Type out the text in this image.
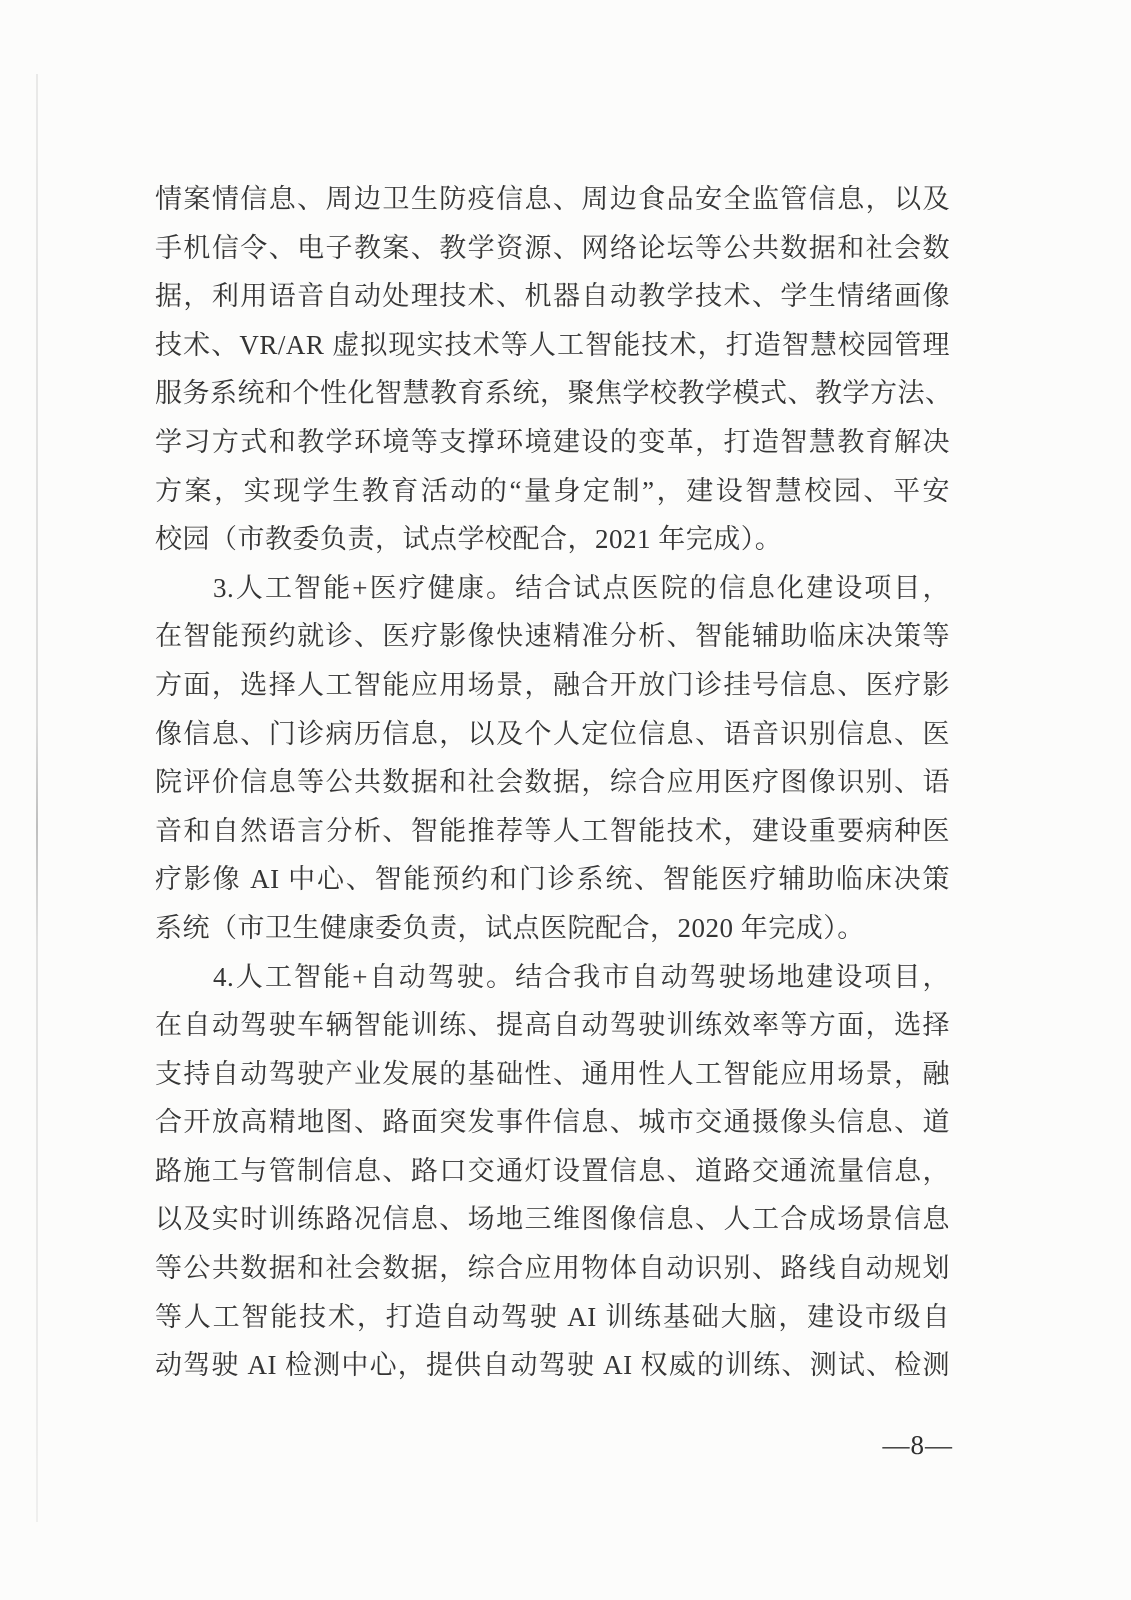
情案情信息、周边卫生防疫信息、周边食品安全监管信息，以及
手机信令、电子教案、教学资源、网络论坛等公共数据和社会数
据，利用语音自动处理技术、机器自动教学技术、学生情绪画像
技术、VR/AR 虚拟现实技术等人工智能技术，打造智慧校园管理
服务系统和个性化智慧教育系统，聚焦学校教学模式、教学方法、
学习方式和教学环境等支撑环境建设的变革，打造智慧教育解决
方案，实现学生教育活动的“量身定制”，建设智慧校园、平安
校园（市教委负责，试点学校配合，2021 年完成）。
3.人工智能+医疗健康。结合试点医院的信息化建设项目，
在智能预约就诊、医疗影像快速精准分析、智能辅助临床决策等
方面，选择人工智能应用场景，融合开放门诊挂号信息、医疗影
像信息、门诊病历信息，以及个人定位信息、语音识别信息、医
院评价信息等公共数据和社会数据，综合应用医疗图像识别、语
音和自然语言分析、智能推荐等人工智能技术，建设重要病种医
疗影像 AI 中心、智能预约和门诊系统、智能医疗辅助临床决策
系统（市卫生健康委负责，试点医院配合，2020 年完成）。
4.人工智能+自动驾驶。结合我市自动驾驶场地建设项目，
在自动驾驶车辆智能训练、提高自动驾驶训练效率等方面，选择
支持自动驾驶产业发展的基础性、通用性人工智能应用场景，融
合开放高精地图、路面突发事件信息、城市交通摄像头信息、道
路施工与管制信息、路口交通灯设置信息、道路交通流量信息，
以及实时训练路况信息、场地三维图像信息、人工合成场景信息
等公共数据和社会数据，综合应用物体自动识别、路线自动规划
等人工智能技术，打造自动驾驶 AI 训练基础大脑，建设市级自
动驾驶 AI 检测中心，提供自动驾驶 AI 权威的训练、测试、检测
—8—
